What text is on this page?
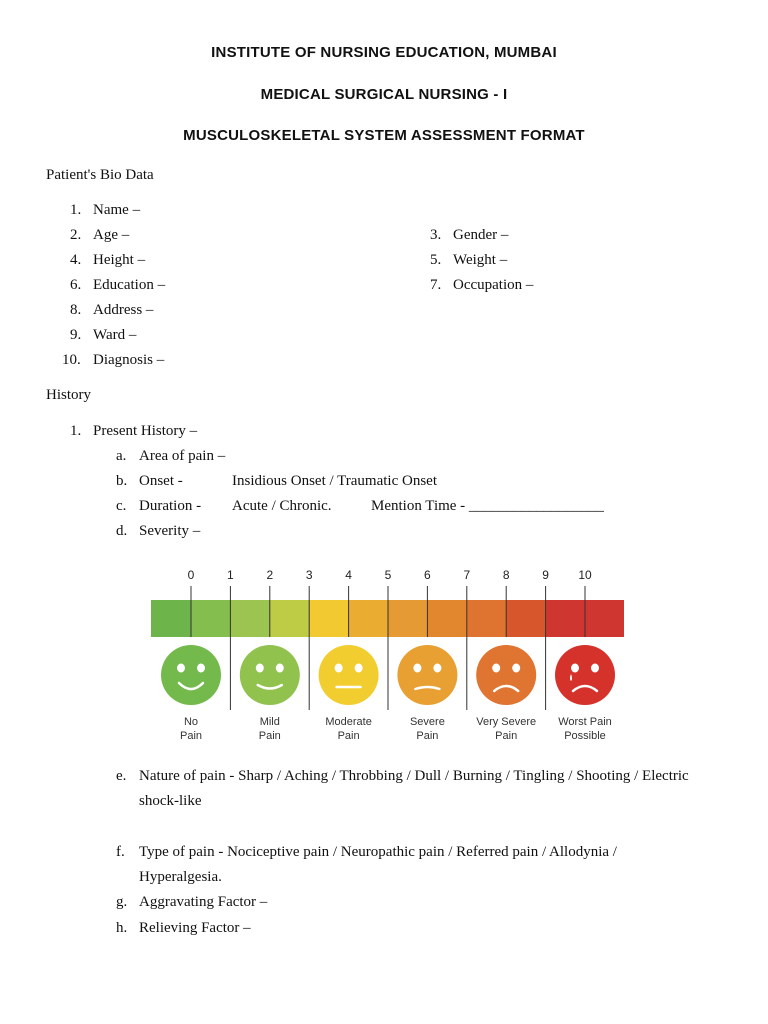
INSTITUTE OF NURSING EDUCATION, MUMBAI
MEDICAL SURGICAL NURSING - I
MUSCULOSKELETAL SYSTEM ASSESSMENT FORMAT
Patient's Bio Data
1. Name –
2. Age –	3. Gender –
4. Height –	5. Weight –
6. Education –	7. Occupation –
8. Address –
9. Ward –
10. Diagnosis –
History
1. Present History –
a. Area of pain –
b. Onset -	Insidious Onset / Traumatic Onset
c. Duration - Acute / Chronic.	Mention Time - __________________
d. Severity –
0	1	2	3	4	5	6	7	8	9 10
No
Pain
Mild
Pain
Moderate
Pain
Severe
Pain
Very Severe
Pain
Worst Pain
Possible
e. Nature of pain - Sharp / Aching / Throbbing / Dull / Burning / Tingling / Shooting / Electric
shock-like
f. Type of pain - Nociceptive pain / Neuropathic pain / Referred pain / Allodynia /
Hyperalgesia.
g. Aggravating Factor –
h. Relieving Factor –
